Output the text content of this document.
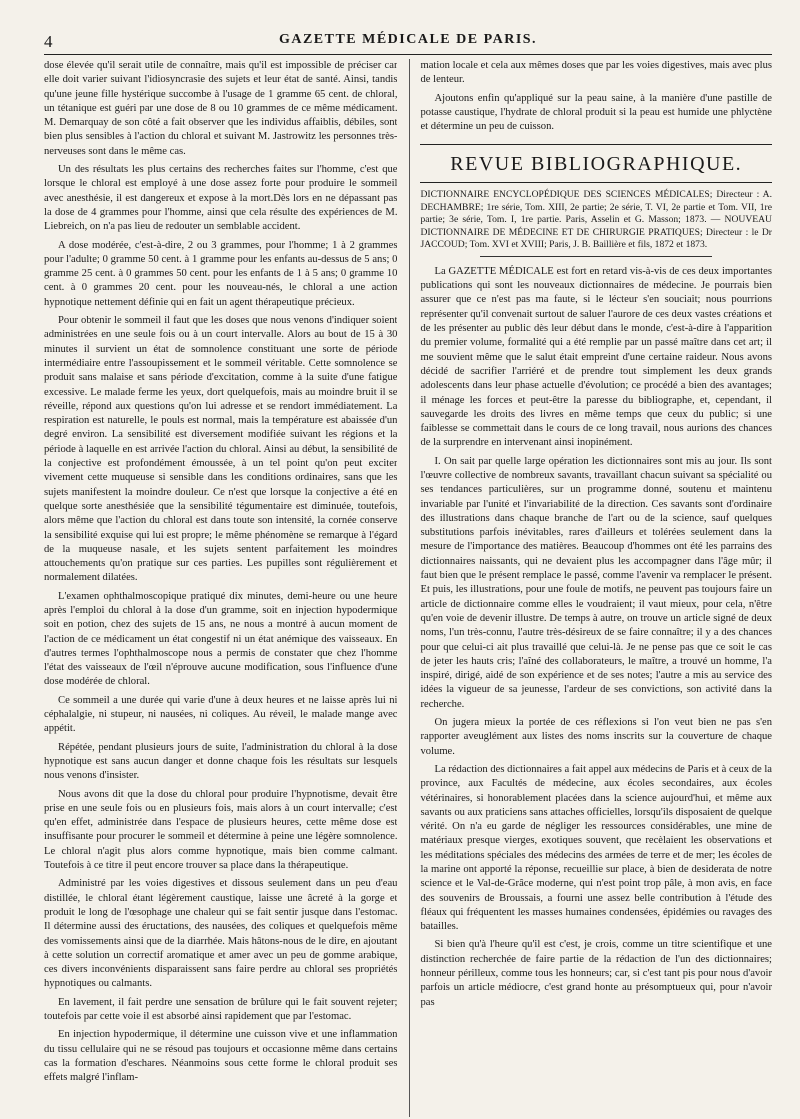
4	GAZETTE MÉDICALE DE PARIS.

dose élevée qu'il serait utile de connaître, mais qu'il est impossible de préciser car elle doit varier suivant l'idiosyncrasie des sujets et leur état de santé. Ainsi, tandis qu'une jeune fille hystérique succombe à l'usage de 1 gramme 65 cent. de chloral, un tétanique est guéri par une dose de 8 ou 10 grammes de ce même médicament. M. Demarquay de son côté a fait observer que les individus affaiblis, débiles, sont bien plus sensibles à l'action du chloral et suivant M. Jastrowitz les personnes très-nerveuses sont dans le même cas.

Un des résultats les plus certains des recherches faites sur l'homme, c'est que lorsque le chloral est employé à une dose assez forte pour produire le sommeil avec anesthésie, il est dangereux et expose à la mort.Dès lors en ne dépassant pas la dose de 4 grammes pour l'homme, ainsi que cela résulte des expériences de M. Liebreich, on n'a pas lieu de redouter un semblable accident.

A dose modérée, c'est-à-dire, 2 ou 3 grammes, pour l'homme; 1 à 2 grammes pour l'adulte; 0 gramme 50 cent. à 1 gramme pour les enfants au-dessus de 5 ans; 0 gramme 25 cent. à 0 grammes 50 cent. pour les enfants de 1 à 5 ans; 0 gramme 10 cent. à 0 grammes 20 cent. pour les nouveau-nés, le chloral a une action hypnotique nettement définie qui en fait un agent thérapeutique précieux.

Pour obtenir le sommeil il faut que les doses que nous venons d'indiquer soient administrées en une seule fois ou à un court intervalle. Alors au bout de 15 à 30 minutes il survient un état de somnolence constituant une sorte de période intermédiaire entre l'assoupissement et le sommeil véritable. Cette somnolence se produit sans malaise et sans période d'excitation, comme à la suite d'une fatigue excessive. Le malade ferme les yeux, dort quelquefois, mais au moindre bruit il se réveille, répond aux questions qu'on lui adresse et se rendort immédiatement. La respiration est naturelle, le pouls est normal, mais la température est abaissée d'un degré environ. La sensibilité est diversement modifiée suivant les régions et la période à laquelle en est arrivée l'action du chloral. Ainsi au début, la sensibilité de la conjective est profondément émoussée, à un tel point qu'on peut exciter vivement cette muqueuse si sensible dans les conditions ordinaires, sans que les sujets manifestent la moindre douleur. Ce n'est que lorsque la conjective a été en quelque sorte anesthésiée que la sensibilité tégumentaire est diminuée, toutefois, alors même que l'action du chloral est dans toute son intensité, la cornée conserve la sensibilité exquise qui lui est propre; le même phénomène se remarque à l'égard de la muqueuse nasale, et les sujets sentent parfaitement les moindres attouchements qu'on pratique sur ces parties. Les pupilles sont régulièrement et normalement dilatées.

L'examen ophthalmoscopique pratiqué dix minutes, demi-heure ou une heure après l'emploi du chloral à la dose d'un gramme, soit en injection hypodermique soit en potion, chez des sujets de 15 ans, ne nous a montré à aucun moment de l'action de ce médicament un état congestif ni un état anémique des vaisseaux. En d'autres termes l'ophthalmoscope nous a permis de constater que chez l'homme l'état des vaisseaux de l'œil n'éprouve aucune modification, sous l'influence d'une dose modérée de chloral.

Ce sommeil a une durée qui varie d'une à deux heures et ne laisse après lui ni céphalalgie, ni stupeur, ni nausées, ni coliques. Au réveil, le malade mange avec appétit.

Répétée, pendant plusieurs jours de suite, l'administration du chloral à la dose hypnotique est sans aucun danger et donne chaque fois les résultats sur lesquels nous venons d'insister.

Nous avons dit que la dose du chloral pour produire l'hypnotisme, devait être prise en une seule fois ou en plusieurs fois, mais alors à un court intervalle; c'est qu'en effet, administrée dans l'espace de plusieurs heures, cette même dose est insuffisante pour procurer le sommeil et détermine à peine une légère somnolence. Le chloral n'agit plus alors comme hypnotique, mais bien comme calmant. Toutefois à ce titre il peut encore trouver sa place dans la thérapeutique.

Administré par les voies digestives et dissous seulement dans un peu d'eau distillée, le chloral étant légèrement caustique, laisse une âcreté à la gorge et produit le long de l'œsophage une chaleur qui se fait sentir jusque dans l'estomac. Il détermine aussi des éructations, des nausées, des coliques et quelquefois même des vomissements ainsi que de la diarrhée. Mais hâtons-nous de le dire, en ajoutant à cette solution un correctif aromatique et amer avec un peu de gomme arabique, ces divers inconvénients disparaissent sans faire perdre au chloral ses propriétés hypnotiques ou calmants.

En lavement, il fait perdre une sensation de brûlure qui le fait souvent rejeter; toutefois par cette voie il est absorbé ainsi rapidement que par l'estomac.

En injection hypodermique, il détermine une cuisson vive et une inflammation du tissu cellulaire qui ne se résoud pas toujours et occasionne même dans certains cas la formation d'eschares. Néanmoins sous cette forme le chloral produit ses effets malgré l'inflam-

mation locale et cela aux mêmes doses que par les voies digestives, mais avec plus de lenteur.

Ajoutons enfin qu'appliqué sur la peau saine, à la manière d'une pastille de potasse caustique, l'hydrate de chloral produit si la peau est humide une phlyctène et détermine un peu de cuisson.

REVUE BIBLIOGRAPHIQUE.

DICTIONNAIRE ENCYCLOPÉDIQUE DES SCIENCES MÉDICALES; Directeur : A. DECHAMBRE; 1re série, Tom. XIII, 2e partie; 2e série, T. VI, 2e partie et Tom. VII, 1re partie; 3e série, Tom. I, 1re partie. Paris, Asselin et G. Masson; 1873. — NOUVEAU DICTIONNAIRE DE MÉDECINE ET DE CHIRURGIE PRATIQUES; Directeur : le Dr JACCOUD; Tom. XVI et XVIII; Paris, J. B. Baillière et fils, 1872 et 1873.

La GAZETTE MÉDICALE est fort en retard vis-à-vis de ces deux importantes publications qui sont les nouveaux dictionnaires de médecine. Je pourrais bien assurer que ce n'est pas ma faute, si le lécteur s'en souciait; nous pourrions représenter qu'il convenait surtout de saluer l'aurore de ces deux vastes créations et de les présenter au public dès leur début dans le monde, c'est-à-dire à l'apparition du premier volume, formalité qui a été remplie par un passé maître dans cet art; il me souvient même que le salut était empreint d'une certaine raideur. Nous avons décidé de sacrifier l'arriéré et de prendre tout simplement les deux grands adolescents dans leur phase actuelle d'évolution; ce procédé a bien des avantages; il ménage les forces et peut-être la paresse du bibliographe, et, cependant, il sauvegarde les droits des livres en même temps que ceux du public; si une faiblesse se commettait dans le cours de ce long travail, nous aurions des chances de la surprendre en intervenant ainsi inopinément.

I. On sait par quelle large opération les dictionnaires sont mis au jour. Ils sont l'œuvre collective de nombreux savants, travaillant chacun suivant sa spécialité ou ses tendances particulières, sur un programme donné, soutenu et maintenu invariable par l'unité et l'invariabilité de la direction. Ces savants sont d'ordinaire des illustrations dans chaque branche de l'art ou de la science, sauf quelques substitutions parfois inévitables, rares d'ailleurs et tolérées seulement dans la mesure de l'importance des matières. Beaucoup d'hommes ont été les parrains des dictionnaires naissants, qui ne devaient plus les accompagner dans l'âge mûr; il faut bien que le présent remplace le passé, comme l'avenir va remplacer le présent. Et puis, les illustrations, pour une foule de motifs, ne peuvent pas toujours faire un article de dictionnaire comme elles le voudraient; il vaut mieux, pour cela, n'être qu'en voie de devenir illustre. De temps à autre, on trouve un article signé de deux noms, l'un très-connu, l'autre très-désireux de se faire connaître; il y a des chances pour que celui-ci ait plus travaillé que celui-là. Je ne pense pas que ce soit le cas de jeter les hauts cris; l'aîné des collaborateurs, le maître, a trouvé un homme, l'a inspiré, dirigé, aidé de son expérience et de ses notes; l'autre a mis au service des idées la vigueur de sa jeunesse, l'ardeur de ses convictions, son activité dans la recherche.

On jugera mieux la portée de ces réflexions si l'on veut bien ne pas s'en rapporter aveuglément aux listes des noms inscrits sur la couverture de chaque volume.

La rédaction des dictionnaires a fait appel aux médecins de Paris et à ceux de la province, aux Facultés de médecine, aux écoles secondaires, aux écoles vétérinaires, si honorablement placées dans la science aujourd'hui, et même aux savants ou aux praticiens sans attaches officielles, lorsqu'ils disposaient de quelque vérité. On n'a eu garde de négliger les ressources considérables, une mine de matériaux presque vierges, exotiques souvent, que recèlaient les observations et les méditations spéciales des médecins des armées de terre et de mer; les écoles de la marine ont apporté la réponse, recueillie sur place, à bien de desiderata de notre science et le Val-de-Grâce moderne, qui n'est point trop pâle, à mon avis, en face des souvenirs de Broussais, a fourni une assez belle contribution à l'étude des fléaux qui fréquentent les masses humaines condensées, épidémies ou ravages des batailles.

Si bien qu'à l'heure qu'il est c'est, je crois, comme un titre scientifique et une distinction recherchée de faire partie de la rédaction de l'un des dictionnaires; honneur périlleux, comme tous les honneurs; car, si c'est tant pis pour nous d'avoir parfois un article médiocre, c'est grand honte au présomptueux qui, pour n'avoir pas
